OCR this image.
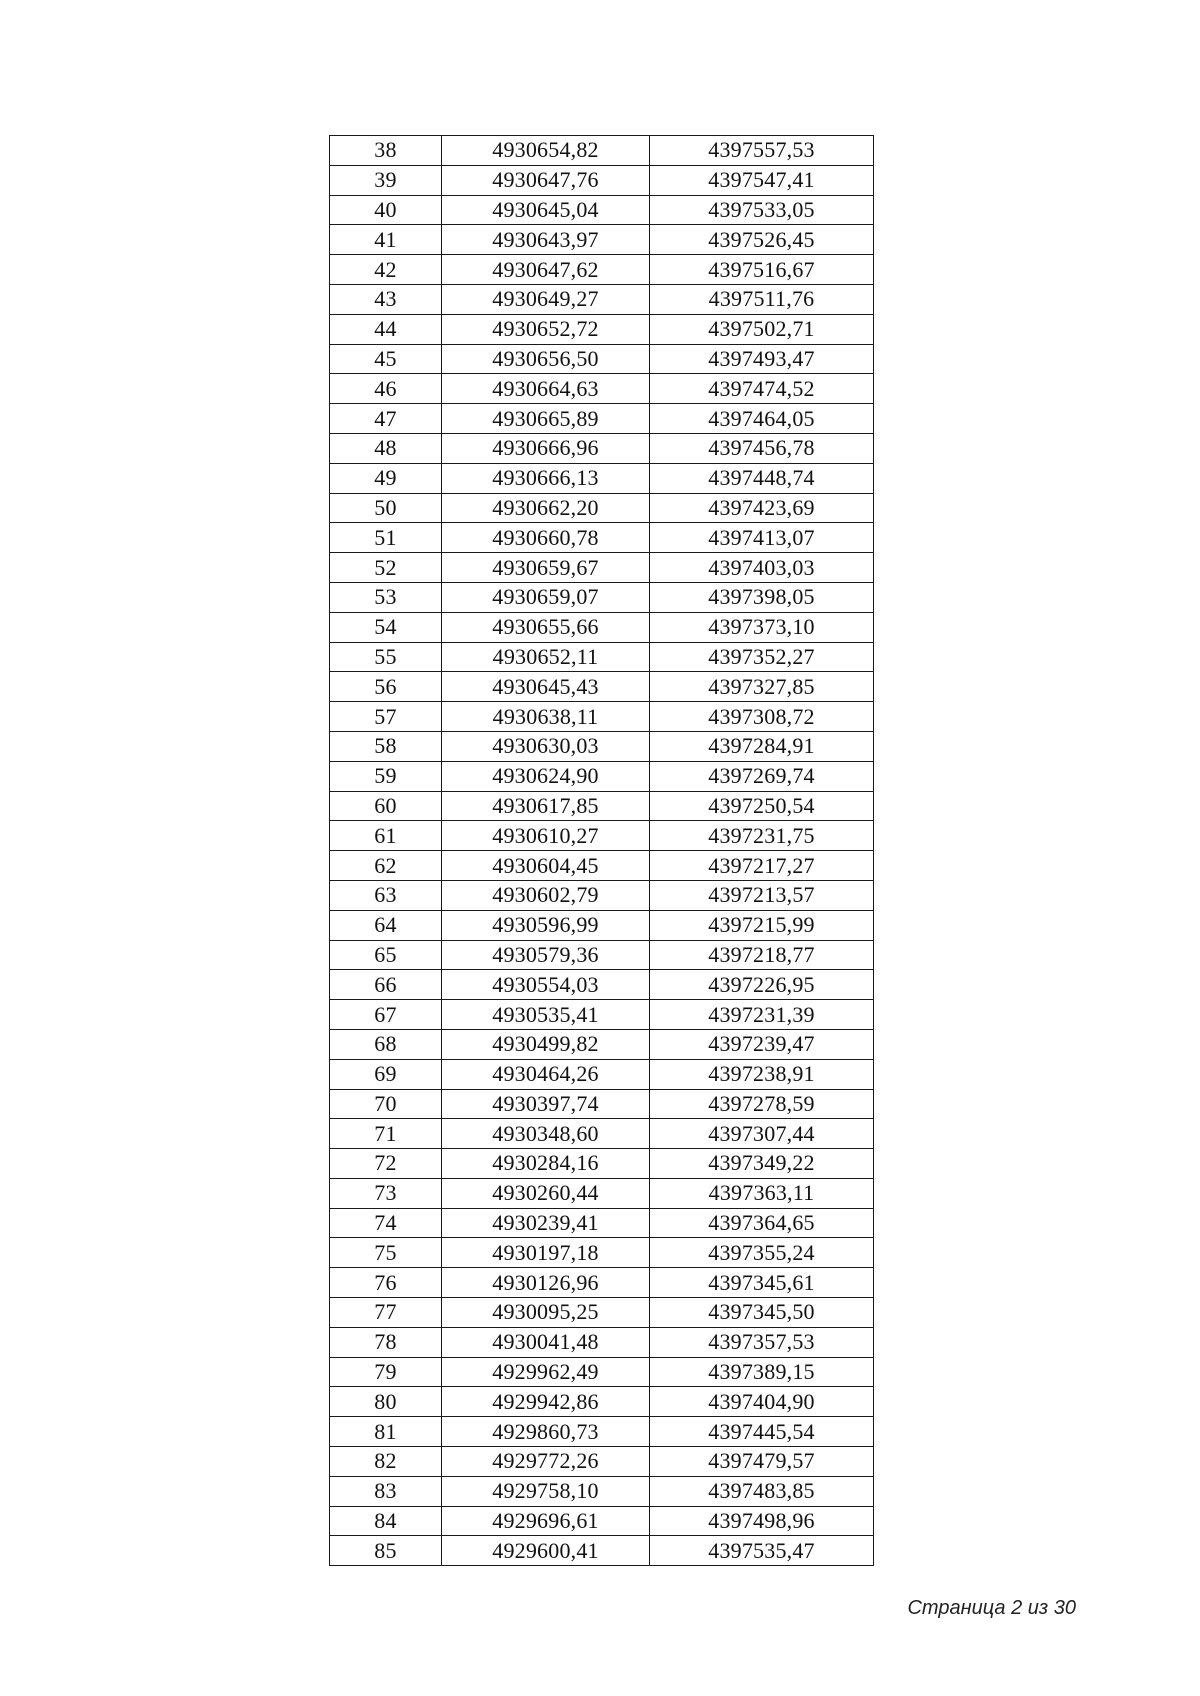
38	4930654,82	4397557,53
39	4930647,76	4397547,41
40	4930645,04	4397533,05
41	4930643,97	4397526,45
42	4930647,62	4397516,67
43	4930649,27	4397511,76
44	4930652,72	4397502,71
45	4930656,50	4397493,47
46	4930664,63	4397474,52
47	4930665,89	4397464,05
48	4930666,96	4397456,78
49	4930666,13	4397448,74
50	4930662,20	4397423,69
51	4930660,78	4397413,07
52	4930659,67	4397403,03
53	4930659,07	4397398,05
54	4930655,66	4397373,10
55	4930652,11	4397352,27
56	4930645,43	4397327,85
57	4930638,11	4397308,72
58	4930630,03	4397284,91
59	4930624,90	4397269,74
60	4930617,85	4397250,54
61	4930610,27	4397231,75
62	4930604,45	4397217,27
63	4930602,79	4397213,57
64	4930596,99	4397215,99
65	4930579,36	4397218,77
66	4930554,03	4397226,95
67	4930535,41	4397231,39
68	4930499,82	4397239,47
69	4930464,26	4397238,91
70	4930397,74	4397278,59
71	4930348,60	4397307,44
72	4930284,16	4397349,22
73	4930260,44	4397363,11
74	4930239,41	4397364,65
75	4930197,18	4397355,24
76	4930126,96	4397345,61
77	4930095,25	4397345,50
78	4930041,48	4397357,53
79	4929962,49	4397389,15
80	4929942,86	4397404,90
81	4929860,73	4397445,54
82	4929772,26	4397479,57
83	4929758,10	4397483,85
84	4929696,61	4397498,96
85	4929600,41	4397535,47
Страница 2 из 30
